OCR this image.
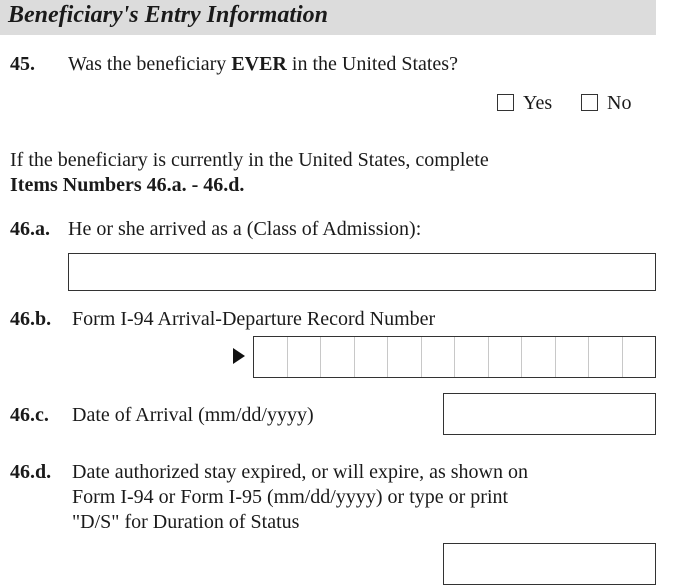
Beneficiary's Entry Information
45. Was the beneficiary EVER in the United States?
Yes	No
If the beneficiary is currently in the United States, complete
Items Numbers 46.a. - 46.d.
46.a. He or she arrived as a (Class of Admission):
46.b. Form I-94 Arrival-Departure Record Number
46.c. Date of Arrival (mm/dd/yyyy)
46.d. Date authorized stay expired, or will expire, as shown on
Form I-94 or Form I-95 (mm/dd/yyyy) or type or print
"D/S" for Duration of Status
